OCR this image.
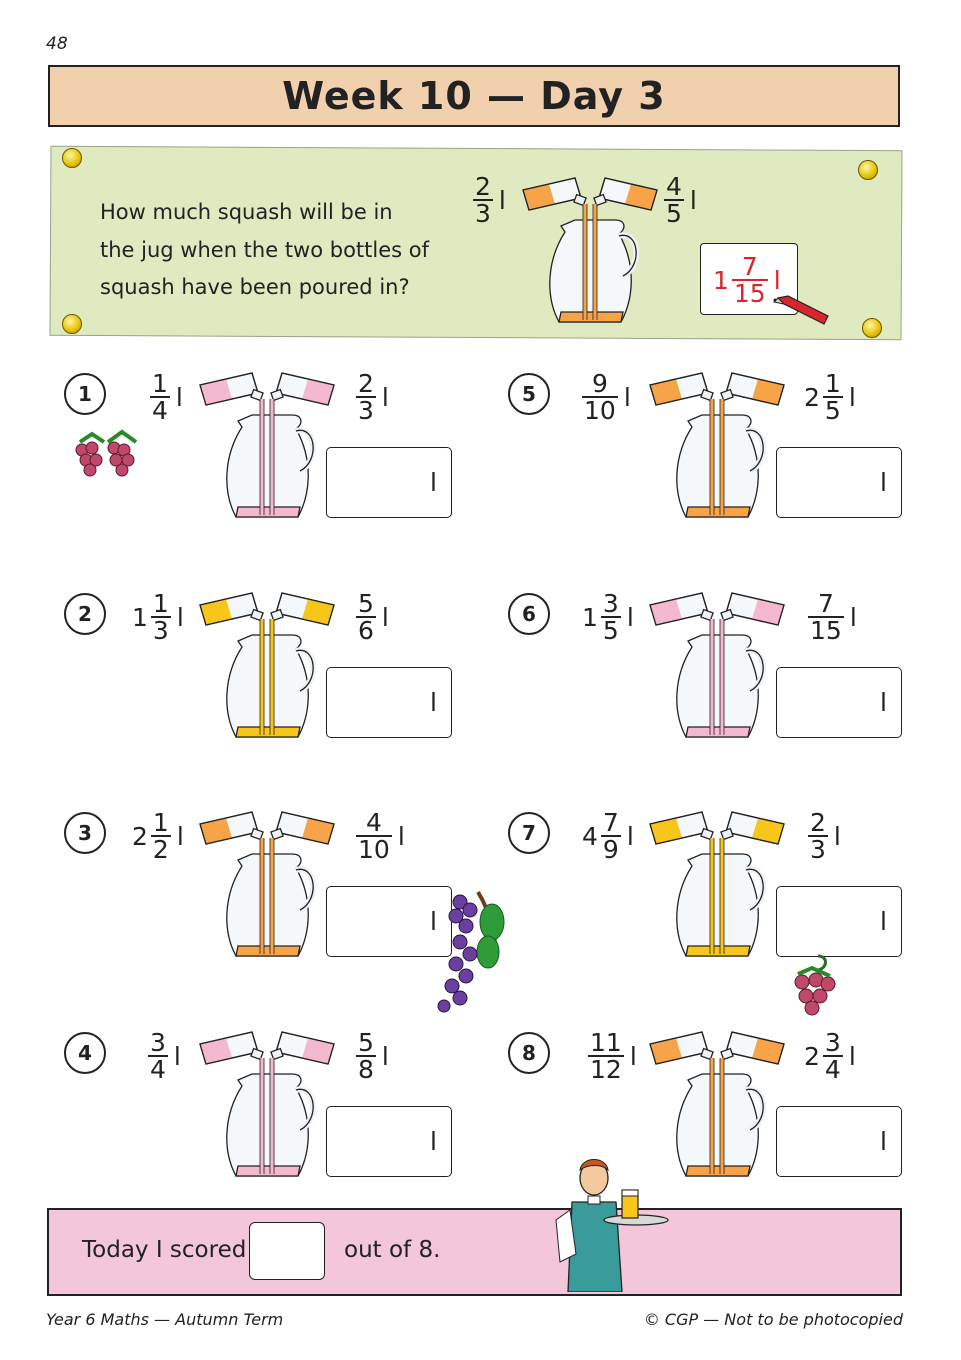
48
Week 10 — Day 3
How much squash will be in
the jug when the two bottles of
squash have been poured in?
$\frac{2}{3}$ l	$\frac{4}{5}$ l
$1 \frac{7}{15}$ l
1	$\frac{1}{4}$ l	$\frac{2}{3}$ l
l
2	$1 \frac{1}{3}$ l	$\frac{5}{6}$ l
l
3	$2 \frac{1}{2}$ l	$\frac{4}{10}$ l
l
4	$\frac{3}{4}$ l	$\frac{5}{8}$ l
l
5	$\frac{9}{10}$ l	$2 \frac{1}{5}$ l
l
6	$1 \frac{3}{5}$ l	$\frac{7}{15}$ l
l
7	$4 \frac{7}{9}$ l	$\frac{2}{3}$ l
l
8	$\frac{11}{12}$ l	$2 \frac{3}{4}$ l
l
Today I scored	out of 8.
Year 6 Maths — Autumn Term	© CGP — Not to be photocopied
